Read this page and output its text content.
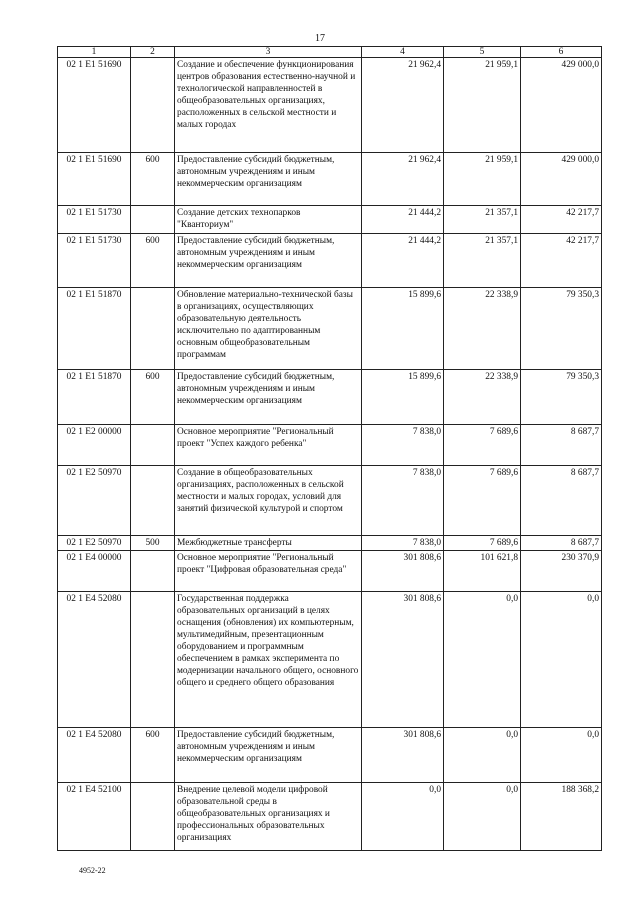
17
1	2	3	4	5	6
02 1 E1 51690		Создание и обеспечение функционирования центров образования естественно-научной и технологической направленностей в общеобразовательных организациях, расположенных в сельской местности и малых городах	21 962,4	21 959,1	429 000,0
02 1 E1 51690	600	Предоставление субсидий бюджетным, автономным учреждениям и иным некоммерческим организациям	21 962,4	21 959,1	429 000,0
02 1 E1 51730		Создание детских технопарков "Кванториум"	21 444,2	21 357,1	42 217,7
02 1 E1 51730	600	Предоставление субсидий бюджетным, автономным учреждениям и иным некоммерческим организациям	21 444,2	21 357,1	42 217,7
02 1 E1 51870		Обновление материально-технической базы в организациях, осуществляющих образовательную деятельность исключительно по адаптированным основным общеобразовательным программам	15 899,6	22 338,9	79 350,3
02 1 E1 51870	600	Предоставление субсидий бюджетным, автономным учреждениям и иным некоммерческим организациям	15 899,6	22 338,9	79 350,3
02 1 E2 00000		Основное мероприятие "Региональный проект "Успех каждого ребенка"	7 838,0	7 689,6	8 687,7
02 1 E2 50970		Создание в общеобразовательных организациях, расположенных в сельской местности и малых городах, условий для занятий физической культурой и спортом	7 838,0	7 689,6	8 687,7
02 1 E2 50970	500	Межбюджетные трансферты	7 838,0	7 689,6	8 687,7
02 1 E4 00000		Основное мероприятие "Региональный проект "Цифровая образовательная среда"	301 808,6	101 621,8	230 370,9
02 1 E4 52080		Государственная поддержка образовательных организаций в целях оснащения (обновления) их компьютерным, мультимедийным, презентационным оборудованием и программным обеспечением в рамках эксперимента по модернизации начального общего, основного общего и среднего общего образования	301 808,6	0,0	0,0
02 1 E4 52080	600	Предоставление субсидий бюджетным, автономным учреждениям и иным некоммерческим организациям	301 808,6	0,0	0,0
02 1 E4 52100		Внедрение целевой модели цифровой образовательной среды в общеобразовательных организациях и профессиональных образовательных организациях	0,0	0,0	188 368,2
4952-22
